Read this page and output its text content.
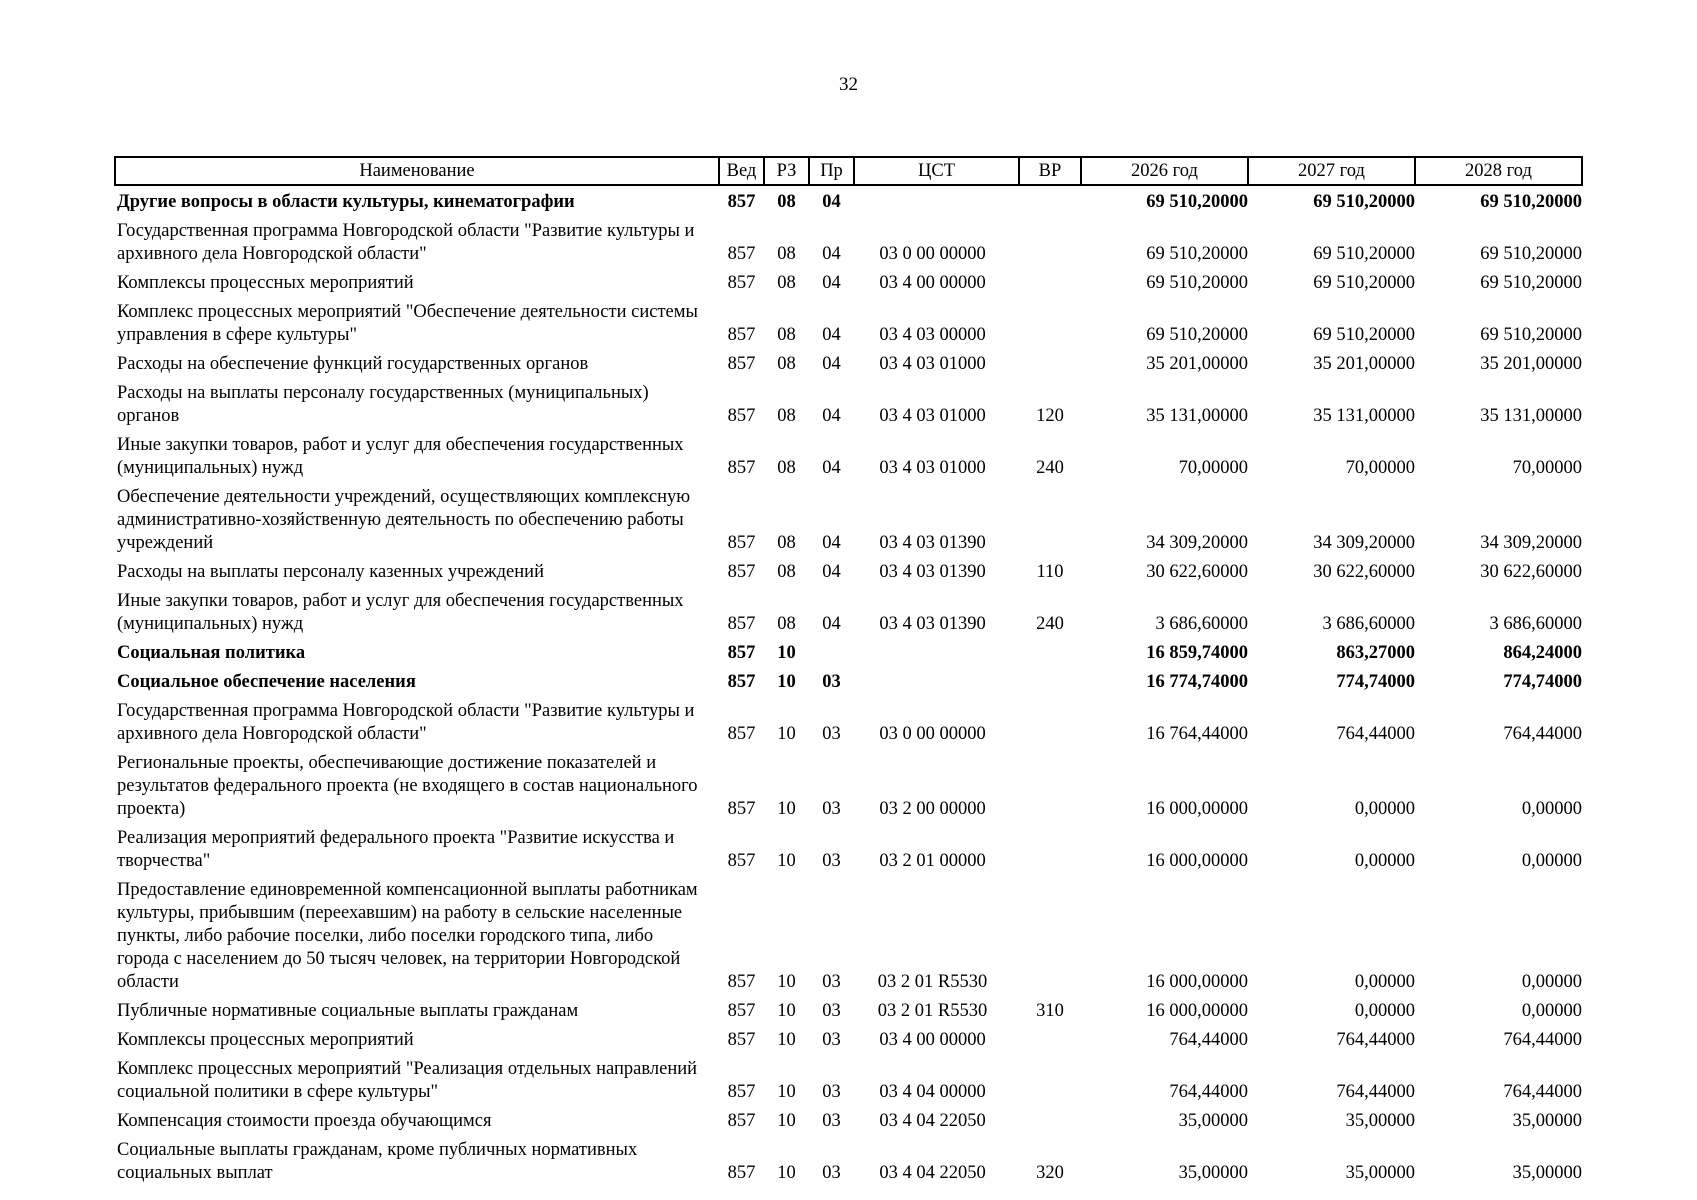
32
Наименование	Вед	РЗ	Пр	ЦСТ	ВР	2026 год	2027 год	2028 год
Другие вопросы в области культуры, кинематографии	857	08	04			69 510,20000	69 510,20000	69 510,20000
Государственная программа Новгородской области "Развитие культуры и архивного дела Новгородской области"	857	08	04	03 0 00 00000		69 510,20000	69 510,20000	69 510,20000
Комплексы процессных мероприятий	857	08	04	03 4 00 00000		69 510,20000	69 510,20000	69 510,20000
Комплекс процессных мероприятий "Обеспечение деятельности системы управления в сфере культуры"	857	08	04	03 4 03 00000		69 510,20000	69 510,20000	69 510,20000
Расходы на обеспечение функций государственных органов	857	08	04	03 4 03 01000		35 201,00000	35 201,00000	35 201,00000
Расходы на выплаты персоналу государственных (муниципальных) органов	857	08	04	03 4 03 01000	120	35 131,00000	35 131,00000	35 131,00000
Иные закупки товаров, работ и услуг для обеспечения государственных (муниципальных) нужд	857	08	04	03 4 03 01000	240	70,00000	70,00000	70,00000
Обеспечение деятельности учреждений, осуществляющих комплексную административно-хозяйственную деятельность по обеспечению работы учреждений	857	08	04	03 4 03 01390		34 309,20000	34 309,20000	34 309,20000
Расходы на выплаты персоналу казенных учреждений	857	08	04	03 4 03 01390	110	30 622,60000	30 622,60000	30 622,60000
Иные закупки товаров, работ и услуг для обеспечения государственных (муниципальных) нужд	857	08	04	03 4 03 01390	240	3 686,60000	3 686,60000	3 686,60000
Социальная политика	857	10				16 859,74000	863,27000	864,24000
Социальное обеспечение населения	857	10	03			16 774,74000	774,74000	774,74000
Государственная программа Новгородской области "Развитие культуры и архивного дела Новгородской области"	857	10	03	03 0 00 00000		16 764,44000	764,44000	764,44000
Региональные проекты, обеспечивающие достижение показателей и результатов федерального проекта (не входящего в состав национального проекта)	857	10	03	03 2 00 00000		16 000,00000	0,00000	0,00000
Реализация мероприятий федерального проекта "Развитие искусства и творчества"	857	10	03	03 2 01 00000		16 000,00000	0,00000	0,00000
Предоставление единовременной компенсационной выплаты работникам культуры, прибывшим (переехавшим) на работу в сельские населенные пункты, либо рабочие поселки, либо поселки городского типа, либо города с населением до 50 тысяч человек, на территории Новгородской области	857	10	03	03 2 01 R5530		16 000,00000	0,00000	0,00000
Публичные нормативные социальные выплаты гражданам	857	10	03	03 2 01 R5530	310	16 000,00000	0,00000	0,00000
Комплексы процессных мероприятий	857	10	03	03 4 00 00000		764,44000	764,44000	764,44000
Комплекс процессных мероприятий "Реализация отдельных направлений социальной политики в сфере культуры"	857	10	03	03 4 04 00000		764,44000	764,44000	764,44000
Компенсация стоимости проезда обучающимся	857	10	03	03 4 04 22050		35,00000	35,00000	35,00000
Социальные выплаты гражданам, кроме публичных нормативных социальных выплат	857	10	03	03 4 04 22050	320	35,00000	35,00000	35,00000
